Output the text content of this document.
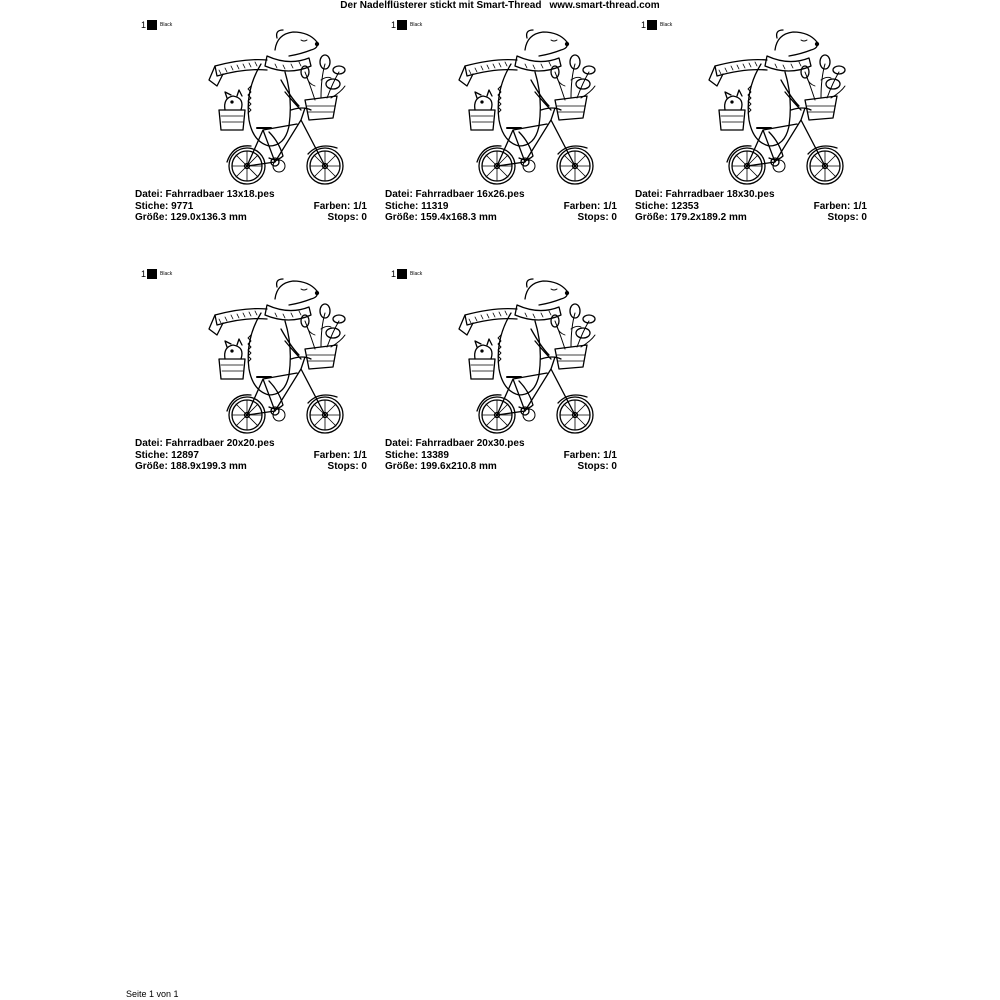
Der Nadelflüsterer stickt mit Smart-Thread www.smart-thread.com
1	Black
Datei: Fahrradbaer 13x18.pes
Stiche: 9771	Farben: 1/1
Größe: 129.0x136.3 mm	Stops: 0
1	Black
Datei: Fahrradbaer 16x26.pes
Stiche: 11319	Farben: 1/1
Größe: 159.4x168.3 mm	Stops: 0
1	Black
Datei: Fahrradbaer 18x30.pes
Stiche: 12353	Farben: 1/1
Größe: 179.2x189.2 mm	Stops: 0
1	Black
Datei: Fahrradbaer 20x20.pes
Stiche: 12897	Farben: 1/1
Größe: 188.9x199.3 mm	Stops: 0
1	Black
Datei: Fahrradbaer 20x30.pes
Stiche: 13389	Farben: 1/1
Größe: 199.6x210.8 mm	Stops: 0
Seite 1 von 1
